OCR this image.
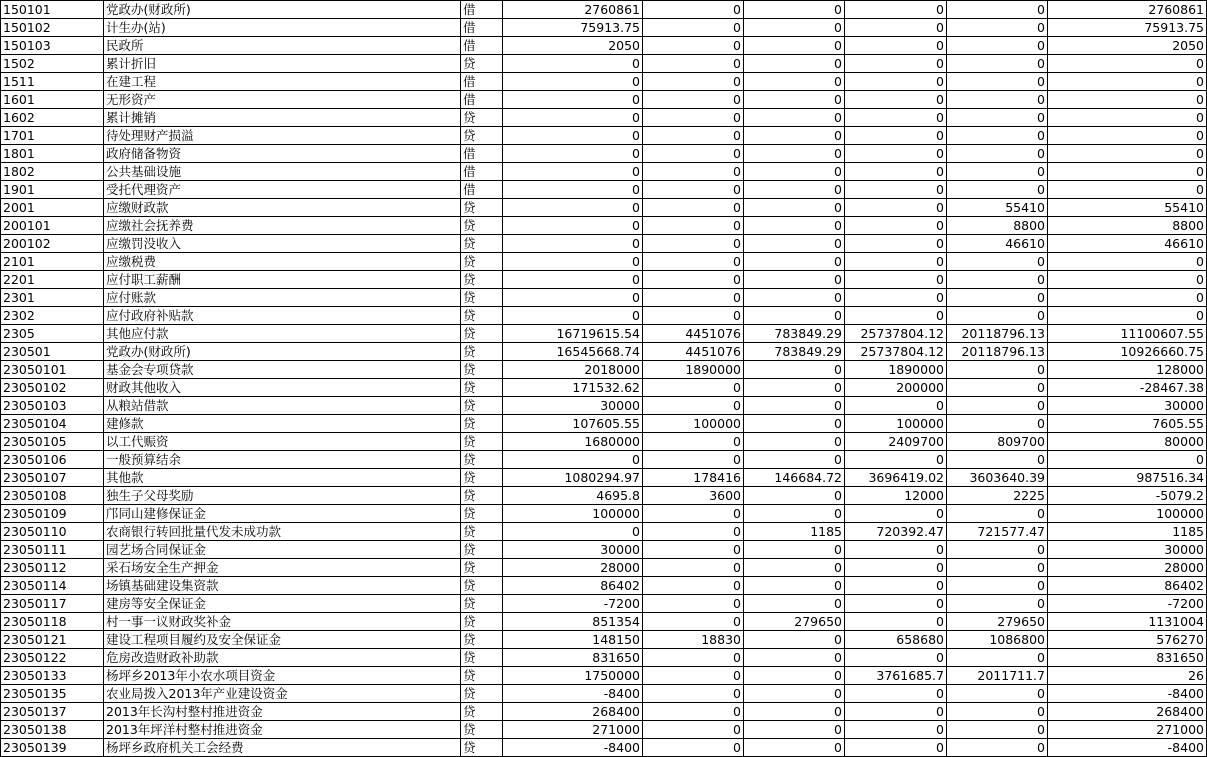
150101	党政办(财政所)	借	2760861	0	0	0	0	2760861
150102	计生办(站)	借	75913.75	0	0	0	0	75913.75
150103	民政所	借	2050	0	0	0	0	2050
1502	累计折旧	贷	0	0	0	0	0	0
1511	在建工程	借	0	0	0	0	0	0
1601	无形资产	借	0	0	0	0	0	0
1602	累计摊销	贷	0	0	0	0	0	0
1701	待处理财产损溢	贷	0	0	0	0	0	0
1801	政府储备物资	借	0	0	0	0	0	0
1802	公共基础设施	借	0	0	0	0	0	0
1901	受托代理资产	借	0	0	0	0	0	0
2001	应缴财政款	贷	0	0	0	0	55410	55410
200101	应缴社会抚养费	贷	0	0	0	0	8800	8800
200102	应缴罚没收入	贷	0	0	0	0	46610	46610
2101	应缴税费	贷	0	0	0	0	0	0
2201	应付职工薪酬	贷	0	0	0	0	0	0
2301	应付账款	贷	0	0	0	0	0	0
2302	应付政府补贴款	贷	0	0	0	0	0	0
2305	其他应付款	贷	16719615.54	4451076	783849.29	25737804.12	20118796.13	11100607.55
230501	党政办(财政所)	贷	16545668.74	4451076	783849.29	25737804.12	20118796.13	10926660.75
23050101	基金会专项贷款	贷	2018000	1890000	0	1890000	0	128000
23050102	财政其他收入	贷	171532.62	0	0	200000	0	-28467.38
23050103	从粮站借款	贷	30000	0	0	0	0	30000
23050104	建修款	贷	107605.55	100000	0	100000	0	7605.55
23050105	以工代赈资	贷	1680000	0	0	2409700	809700	80000
23050106	一般预算结余	贷	0	0	0	0	0	0
23050107	其他款	贷	1080294.97	178416	146684.72	3696419.02	3603640.39	987516.34
23050108	独生子父母奖励	贷	4695.8	3600	0	12000	2225	-5079.2
23050109	邝同山建修保证金	贷	100000	0	0	0	0	100000
23050110	农商银行转回批量代发未成功款	贷	0	0	1185	720392.47	721577.47	1185
23050111	园艺场合同保证金	贷	30000	0	0	0	0	30000
23050112	采石场安全生产押金	贷	28000	0	0	0	0	28000
23050114	场镇基础建设集资款	贷	86402	0	0	0	0	86402
23050117	建房等安全保证金	贷	-7200	0	0	0	0	-7200
23050118	村一事一议财政奖补金	贷	851354	0	279650	0	279650	1131004
23050121	建设工程项目履约及安全保证金	贷	148150	18830	0	658680	1086800	576270
23050122	危房改造财政补助款	贷	831650	0	0	0	0	831650
23050133	杨坪乡2013年小农水项目资金	贷	1750000	0	0	3761685.7	2011711.7	26
23050135	农业局拨入2013年产业建设资金	贷	-8400	0	0	0	0	-8400
23050137	2013年长沟村整村推进资金	贷	268400	0	0	0	0	268400
23050138	2013年坪洋村整村推进资金	贷	271000	0	0	0	0	271000
23050139	杨坪乡政府机关工会经费	贷	-8400	0	0	0	0	-8400
